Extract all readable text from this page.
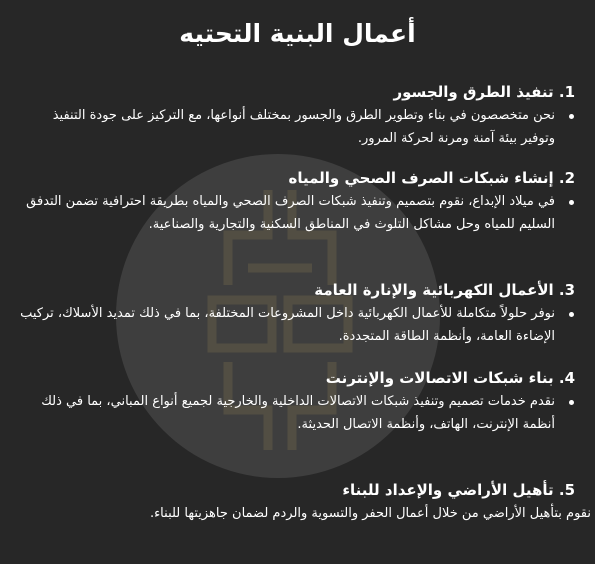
أعمال البنية التحتيه
1. تنفيذ الطرق والجسور

نحن متخصصون في بناء وتطوير الطرق والجسور بمختلف أنواعها، مع التركيز على جودة التنفيذ وتوفير بيئة آمنة ومرنة لحركة المرور.

2. إنشاء شبكات الصرف الصحي والمياه

في ميلاد الإبداع، نقوم بتصميم وتنفيذ شبكات الصرف الصحي والمياه بطريقة احترافية تضمن التدفق السليم للمياه وحل مشاكل التلوث في المناطق السكنية والتجارية والصناعية.

3. الأعمال الكهربائية والإنارة العامة

نوفر حلولاً متكاملة للأعمال الكهربائية داخل المشروعات المختلفة، بما في ذلك تمديد الأسلاك، تركيب الإضاءة العامة، وأنظمة الطاقة المتجددة.

4. بناء شبكات الاتصالات والإنترنت

نقدم خدمات تصميم وتنفيذ شبكات الاتصالات الداخلية والخارجية لجميع أنواع المباني، بما في ذلك أنظمة الإنترنت، الهاتف، وأنظمة الاتصال الحديثة.

5. تأهيل الأراضي والإعداد للبناء

نقوم بتأهيل الأراضي من خلال أعمال الحفر والتسوية والردم لضمان جاهزيتها للبناء.
